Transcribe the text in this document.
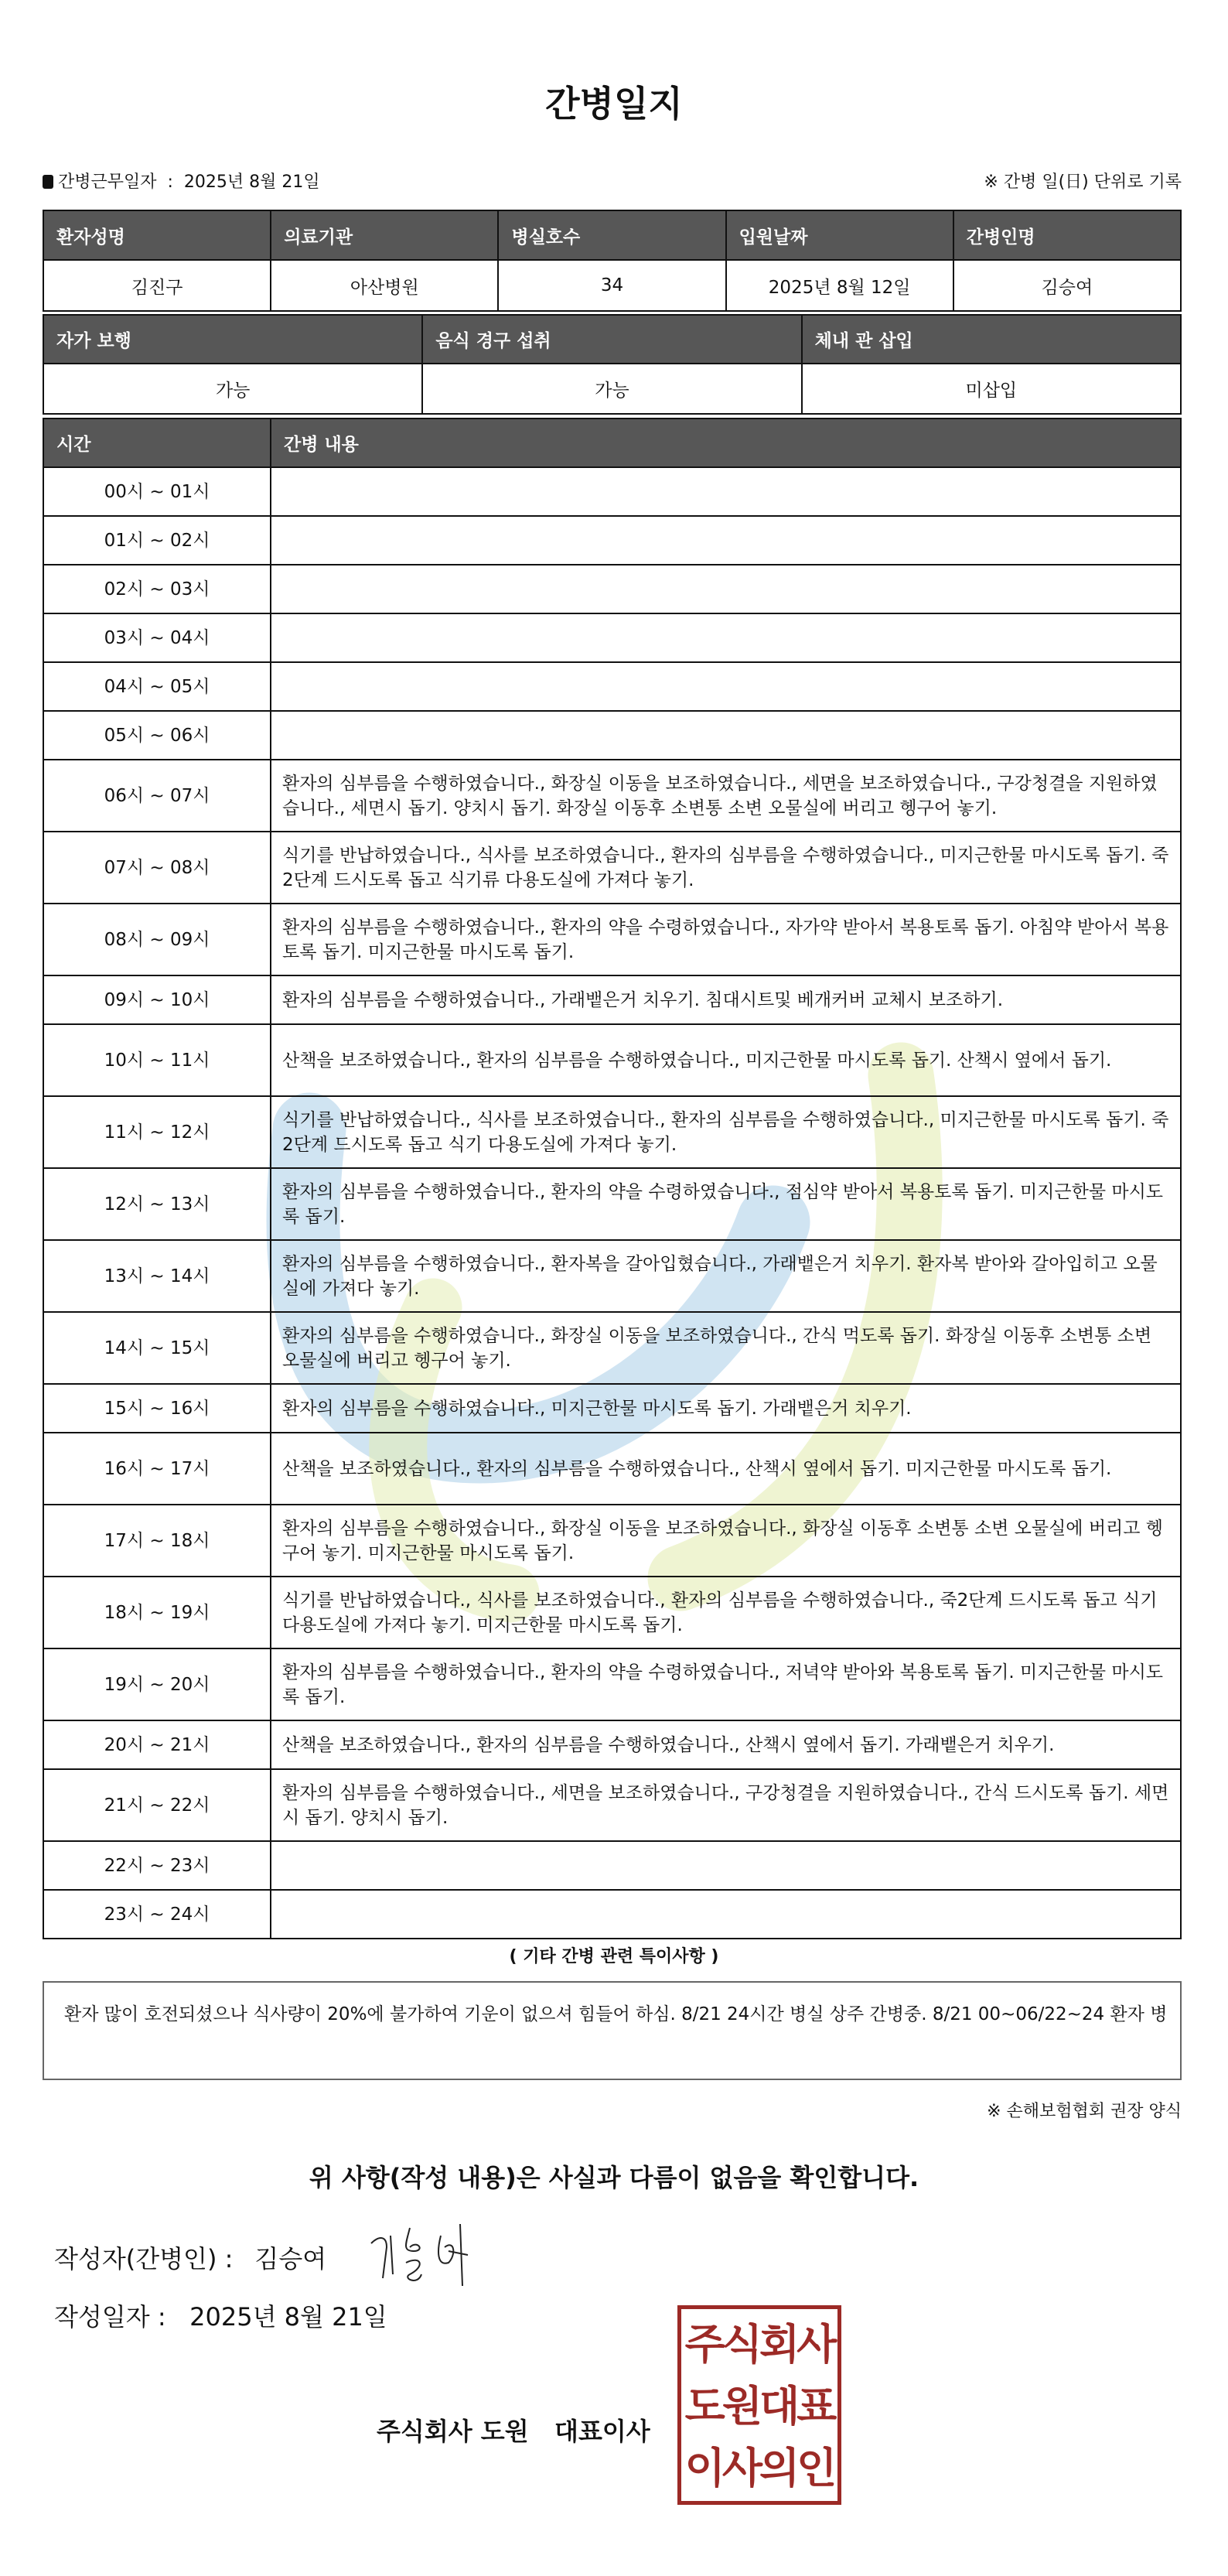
간병일지
간병근무일자  :  2025년 8월 21일	※ 간병 일(日) 단위로 기록
환자성명	의료기관	병실호수	입원날짜	간병인명
김진구	아산병원	34	2025년 8월 12일	김승여
자가 보행	음식 경구 섭취	체내 관 삽입
가능	가능	미삽입
시간	간병 내용
00시 ~ 01시	
01시 ~ 02시	
02시 ~ 03시	
03시 ~ 04시	
04시 ~ 05시	
05시 ~ 06시	
06시 ~ 07시	환자의 심부름을 수행하였습니다., 화장실 이동을 보조하였습니다., 세면을 보조하였습니다., 구강청결을 지원하였습니다., 세면시 돕기. 양치시 돕기. 화장실 이동후 소변통 소변 오물실에 버리고 헹구어 놓기.
07시 ~ 08시	식기를 반납하였습니다., 식사를 보조하였습니다., 환자의 심부름을 수행하였습니다., 미지근한물 마시도록 돕기. 죽2단계 드시도록 돕고 식기류 다용도실에 가져다 놓기.
08시 ~ 09시	환자의 심부름을 수행하였습니다., 환자의 약을 수령하였습니다., 자가약 받아서 복용토록 돕기. 아침약 받아서 복용토록 돕기. 미지근한물 마시도록 돕기.
09시 ~ 10시	환자의 심부름을 수행하였습니다., 가래뱉은거 치우기. 침대시트및 베개커버 교체시 보조하기.
10시 ~ 11시	산책을 보조하였습니다., 환자의 심부름을 수행하였습니다., 미지근한물 마시도록 돕기. 산책시 옆에서 돕기.
11시 ~ 12시	식기를 반납하였습니다., 식사를 보조하였습니다., 환자의 심부름을 수행하였습니다., 미지근한물 마시도록 돕기. 죽2단계 드시도록 돕고 식기 다용도실에 가져다 놓기.
12시 ~ 13시	환자의 심부름을 수행하였습니다., 환자의 약을 수령하였습니다., 점심약 받아서 복용토록 돕기. 미지근한물 마시도록 돕기.
13시 ~ 14시	환자의 심부름을 수행하였습니다., 환자복을 갈아입혔습니다., 가래뱉은거 치우기. 환자복 받아와 갈아입히고 오물실에 가져다 놓기.
14시 ~ 15시	환자의 심부름을 수행하였습니다., 화장실 이동을 보조하였습니다., 간식 먹도록 돕기. 화장실 이동후 소변통 소변 오물실에 버리고 헹구어 놓기.
15시 ~ 16시	환자의 심부름을 수행하였습니다., 미지근한물 마시도록 돕기. 가래뱉은거 치우기.
16시 ~ 17시	산책을 보조하였습니다., 환자의 심부름을 수행하였습니다., 산책시 옆에서 돕기. 미지근한물 마시도록 돕기.
17시 ~ 18시	환자의 심부름을 수행하였습니다., 화장실 이동을 보조하였습니다., 화장실 이동후 소변통 소변 오물실에 버리고 헹구어 놓기. 미지근한물 마시도록 돕기.
18시 ~ 19시	식기를 반납하였습니다., 식사를 보조하였습니다., 환자의 심부름을 수행하였습니다., 죽2단계 드시도록 돕고 식기 다용도실에 가져다 놓기. 미지근한물 마시도록 돕기.
19시 ~ 20시	환자의 심부름을 수행하였습니다., 환자의 약을 수령하였습니다., 저녁약 받아와 복용토록 돕기. 미지근한물 마시도록 돕기.
20시 ~ 21시	산책을 보조하였습니다., 환자의 심부름을 수행하였습니다., 산책시 옆에서 돕기. 가래뱉은거 치우기.
21시 ~ 22시	환자의 심부름을 수행하였습니다., 세면을 보조하였습니다., 구강청결을 지원하였습니다., 간식 드시도록 돕기. 세면시 돕기. 양치시 돕기.
22시 ~ 23시	
23시 ~ 24시	
( 기타 간병 관련 특이사항 )
환자 많이 호전되셨으나 식사량이 20%에 불가하여 기운이 없으셔 힘들어 하심. 8/21 24시간 병실 상주 간병중. 8/21 00~06/22~24 환자 병
※ 손해보험협회 권장 양식
위 사항(작성 내용)은 사실과 다름이 없음을 확인합니다.
작성자(간병인) : 김승여
작성일자 : 2025년 8월 21일
주식회사 도원   대표이사
주식회사도원대표이사의인
